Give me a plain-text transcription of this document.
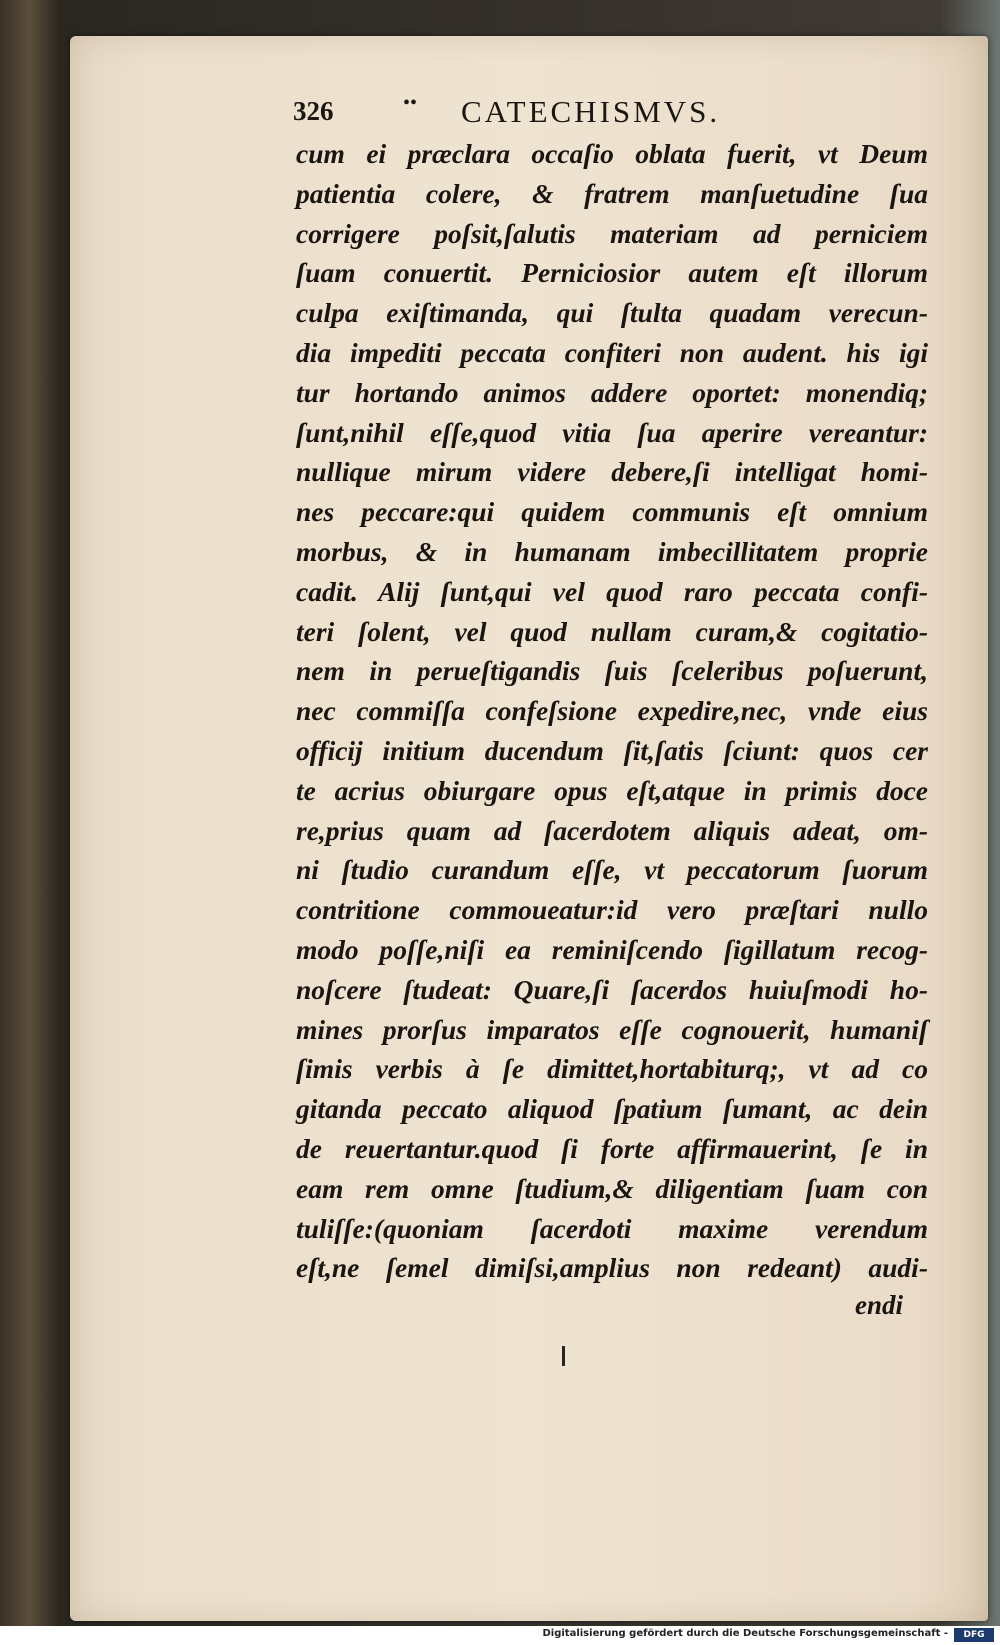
326	•• CATECHISMVS.
cum ei præclara occaſio oblata fuerit, vt Deum
patientia colere, & fratrem manſuetudine ſua
corrigere poſsit,ſalutis materiam ad perniciem
ſuam conuertit. Perniciosior autem eſt illorum
culpa exiſtimanda, qui ſtulta quadam verecun-
dia impediti peccata confiteri non audent. his igi
tur hortando animos addere oportet: monendiq;
ſunt,nihil eſſe,quod vitia ſua aperire vereantur:
nullique mirum videre debere,ſi intelligat homi-
nes peccare:qui quidem communis eſt omnium
morbus, & in humanam imbecillitatem proprie
cadit. Alij ſunt,qui vel quod raro peccata confi-
teri ſolent, vel quod nullam curam,& cogitatio-
nem in perueſtigandis ſuis ſceleribus poſuerunt,
nec commiſſa confeſsione expedire,nec, vnde eius
officij initium ducendum ſit,ſatis ſciunt: quos cer
te acrius obiurgare opus eſt,atque in primis doce
re,prius quam ad ſacerdotem aliquis adeat, om-
ni ſtudio curandum eſſe, vt peccatorum ſuorum
contritione commoueatur:id vero præſtari nullo
modo poſſe,niſi ea reminiſcendo ſigillatum recog-
noſcere ſtudeat: Quare,ſi ſacerdos huiuſmodi ho-
mines prorſus imparatos eſſe cognouerit, humaniſ
ſimis verbis à ſe dimittet,hortabiturq;, vt ad co
gitanda peccato aliquod ſpatium ſumant, ac dein
de reuertantur.quod ſi forte affirmauerint, ſe in
eam rem omne ſtudium,& diligentiam ſuam con
tuliſſe:(quoniam ſacerdoti maxime verendum
eſt,ne ſemel dimiſsi,amplius non redeant) audi-
endi
Digitalisierung gefördert durch die Deutsche Forschungsgemeinschaft -	DFG
